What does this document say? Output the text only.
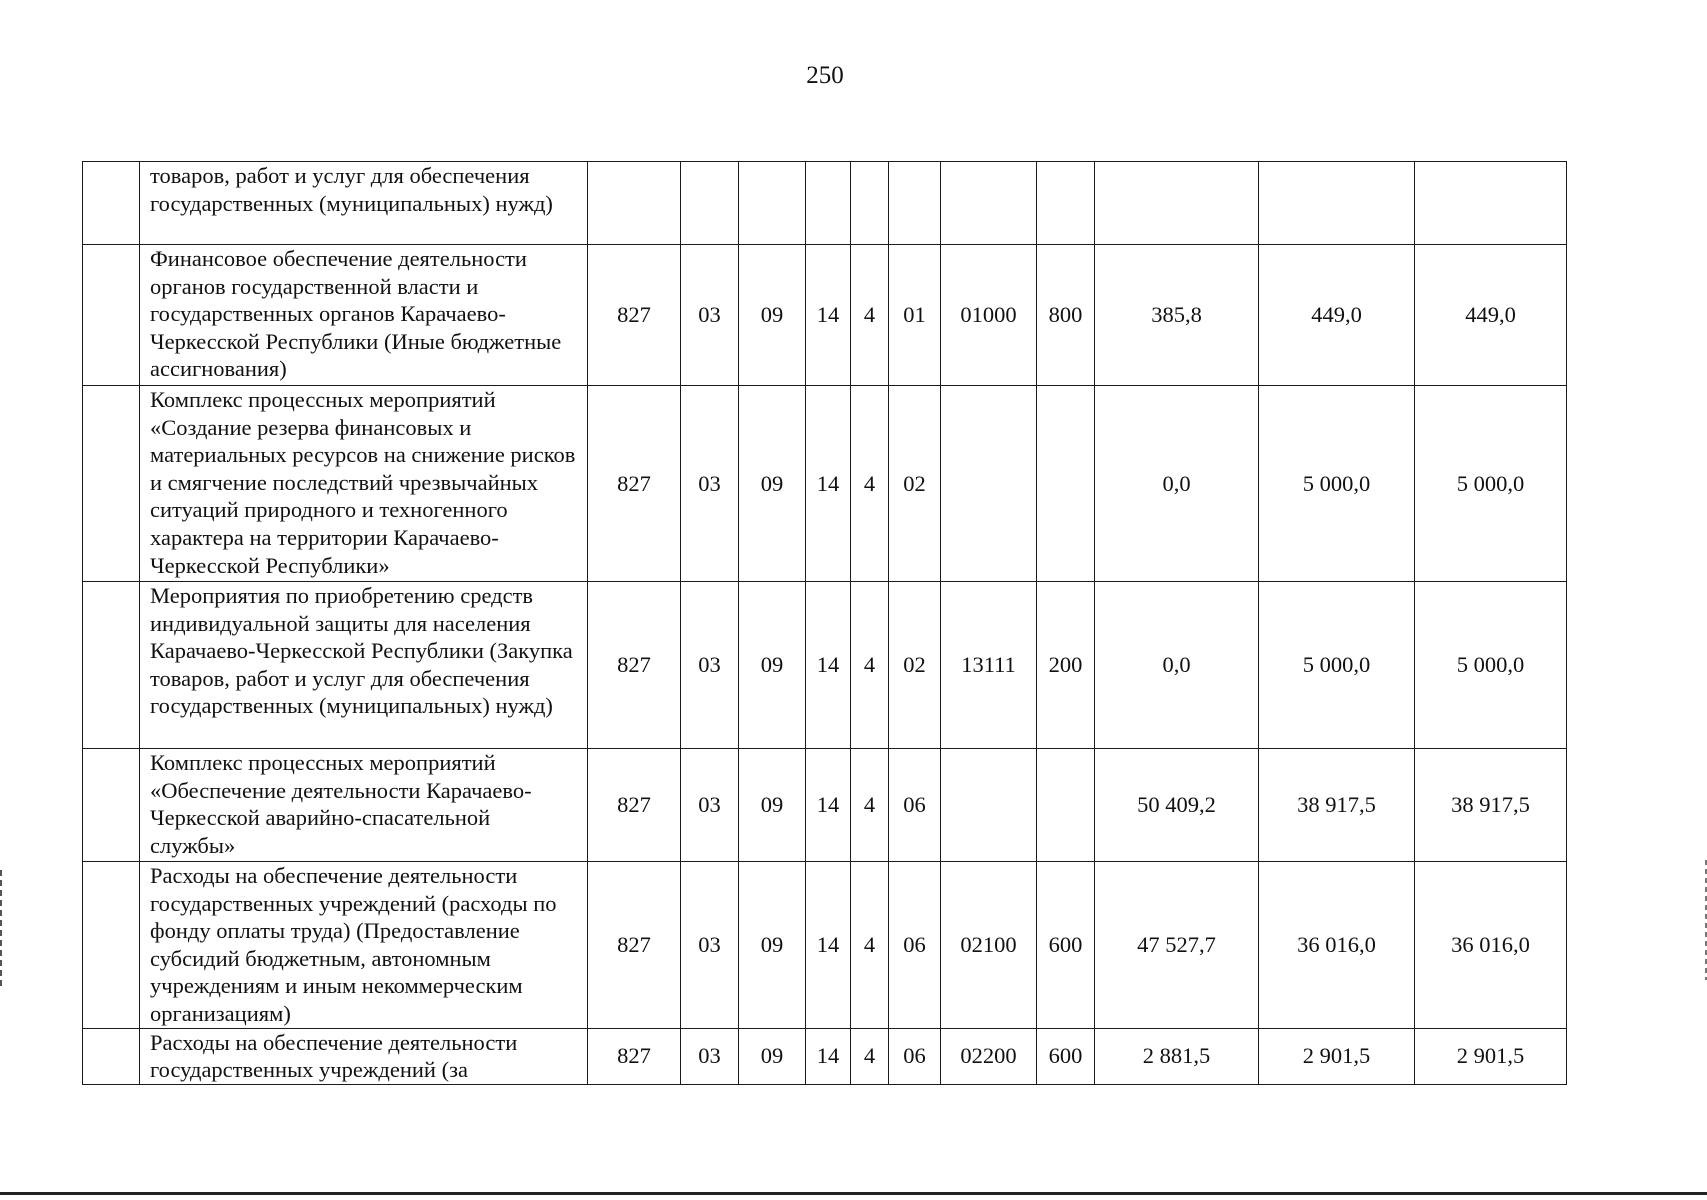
250
	товаров, работ и услуг для обеспечения государственных (муниципальных) нужд)											
	Финансовое обеспечение деятельности органов государственной власти и государственных органов Карачаево-Черкесской Республики (Иные бюджетные ассигнования)	827	03	09	14	4	01	01000	800	385,8	449,0	449,0
	Комплекс процессных мероприятий «Создание резерва финансовых и материальных ресурсов на снижение рисков и смягчение последствий чрезвычайных ситуаций природного и техногенного характера на территории Карачаево-Черкесской Республики»	827	03	09	14	4	02			0,0	5 000,0	5 000,0
	Мероприятия по приобретению средств индивидуальной защиты для населения Карачаево-Черкесской Республики (Закупка товаров, работ и услуг для обеспечения государственных (муниципальных) нужд)	827	03	09	14	4	02	13111	200	0,0	5 000,0	5 000,0
	Комплекс процессных мероприятий «Обеспечение деятельности Карачаево-Черкесской аварийно-спасательной службы»	827	03	09	14	4	06			50 409,2	38 917,5	38 917,5
	Расходы на обеспечение деятельности государственных учреждений (расходы по фонду оплаты труда) (Предоставление субсидий бюджетным, автономным учреждениям и иным некоммерческим организациям)	827	03	09	14	4	06	02100	600	47 527,7	36 016,0	36 016,0
	Расходы на обеспечение деятельности государственных учреждений (за	827	03	09	14	4	06	02200	600	2 881,5	2 901,5	2 901,5
